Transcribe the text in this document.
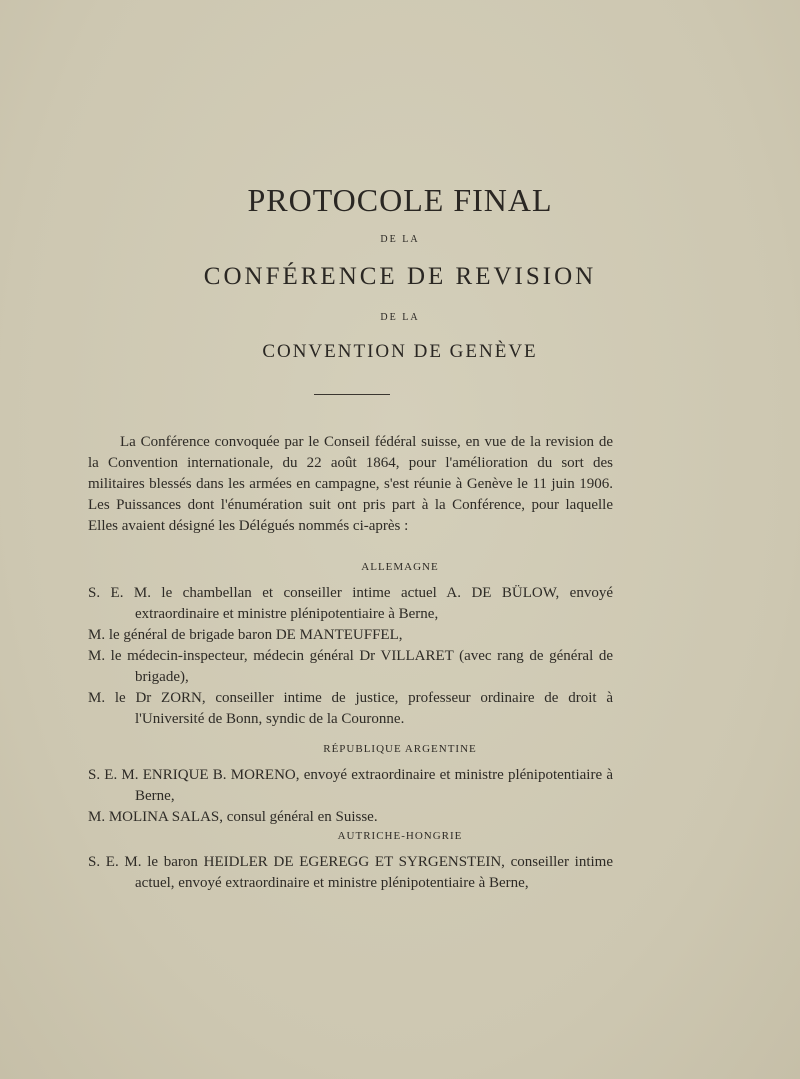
PROTOCOLE FINAL
DE LA
CONFÉRENCE DE REVISION
DE LA
CONVENTION DE GENÈVE
La Conférence convoquée par le Conseil fédéral suisse, en vue de la revision de la Convention internationale, du 22 août 1864, pour l'amélioration du sort des militaires blessés dans les armées en campagne, s'est réunie à Genève le 11 juin 1906. Les Puissances dont l'énumération suit ont pris part à la Conférence, pour laquelle Elles avaient désigné les Délégués nommés ci-après :
ALLEMAGNE
S. E. M. le chambellan et conseiller intime actuel A. DE BÜLOW, envoyé extraordinaire et ministre plénipotentiaire à Berne,
M. le général de brigade baron DE MANTEUFFEL,
M. le médecin-inspecteur, médecin général Dr VILLARET (avec rang de général de brigade),
M. le Dr ZORN, conseiller intime de justice, professeur ordinaire de droit à l'Université de Bonn, syndic de la Couronne.
RÉPUBLIQUE ARGENTINE
S. E. M. ENRIQUE B. MORENO, envoyé extraordinaire et ministre plénipotentiaire à Berne,
M. MOLINA SALAS, consul général en Suisse.
AUTRICHE-HONGRIE
S. E. M. le baron HEIDLER DE EGEREGG ET SYRGENSTEIN, conseiller intime actuel, envoyé extraordinaire et ministre plénipotentiaire à Berne,
